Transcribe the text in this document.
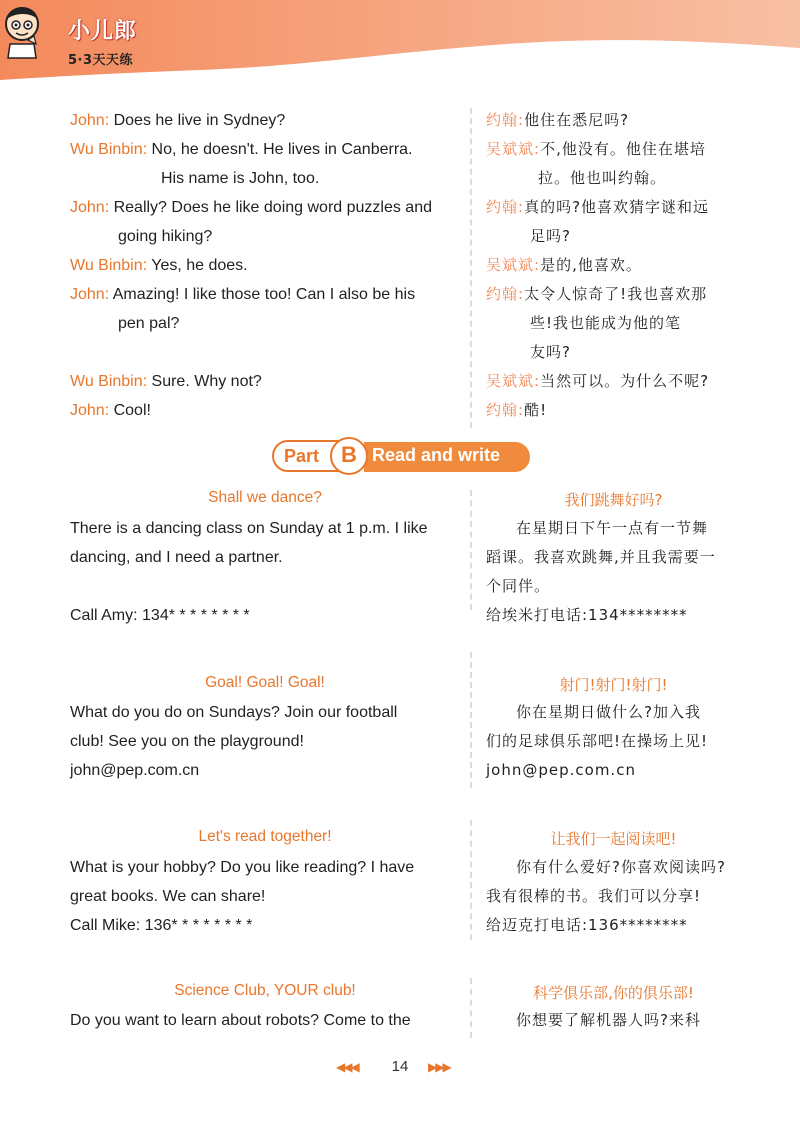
小儿郎
5·3天天练
John: Does he live in Sydney?
Wu Binbin: No, he doesn't. He lives in Canberra.
His name is John, too.
John: Really? Does he like doing word puzzles and
going hiking?
Wu Binbin: Yes, he does.
John: Amazing! I like those too! Can I also be his
pen pal?
Wu Binbin: Sure. Why not?
John: Cool!
约翰:他住在悉尼吗?
吴斌斌:不,他没有。他住在堪培
拉。他也叫约翰。
约翰:真的吗?他喜欢猜字谜和远
足吗?
吴斌斌:是的,他喜欢。
约翰:太令人惊奇了!我也喜欢那
些!我也能成为他的笔
友吗?
吴斌斌:当然可以。为什么不呢?
约翰:酷!
Part	Read and write
B
Shall we dance?	我们跳舞好吗?
There is a dancing class on Sunday at 1 p.m. I like
dancing, and I need a partner.
Call Amy: 134* * * * * * * *
在星期日下午一点有一节舞
蹈课。我喜欢跳舞,并且我需要一
个同伴。
给埃米打电话:134********
Goal! Goal! Goal!	射门!射门!射门!
What do you do on Sundays? Join our football
club! See you on the playground!
john@pep.com.cn
你在星期日做什么?加入我
们的足球俱乐部吧!在操场上见!
john@pep.com.cn
Let's read together!	让我们一起阅读吧!
What is your hobby? Do you like reading? I have
great books. We can share!
Call Mike: 136* * * * * * * *
你有什么爱好?你喜欢阅读吗?
我有很棒的书。我们可以分享!
给迈克打电话:136********
Science Club, YOUR club!	科学俱乐部,你的俱乐部!
Do you want to learn about robots? Come to the	你想要了解机器人吗?来科
◀◀◀	14	▶▶▶
